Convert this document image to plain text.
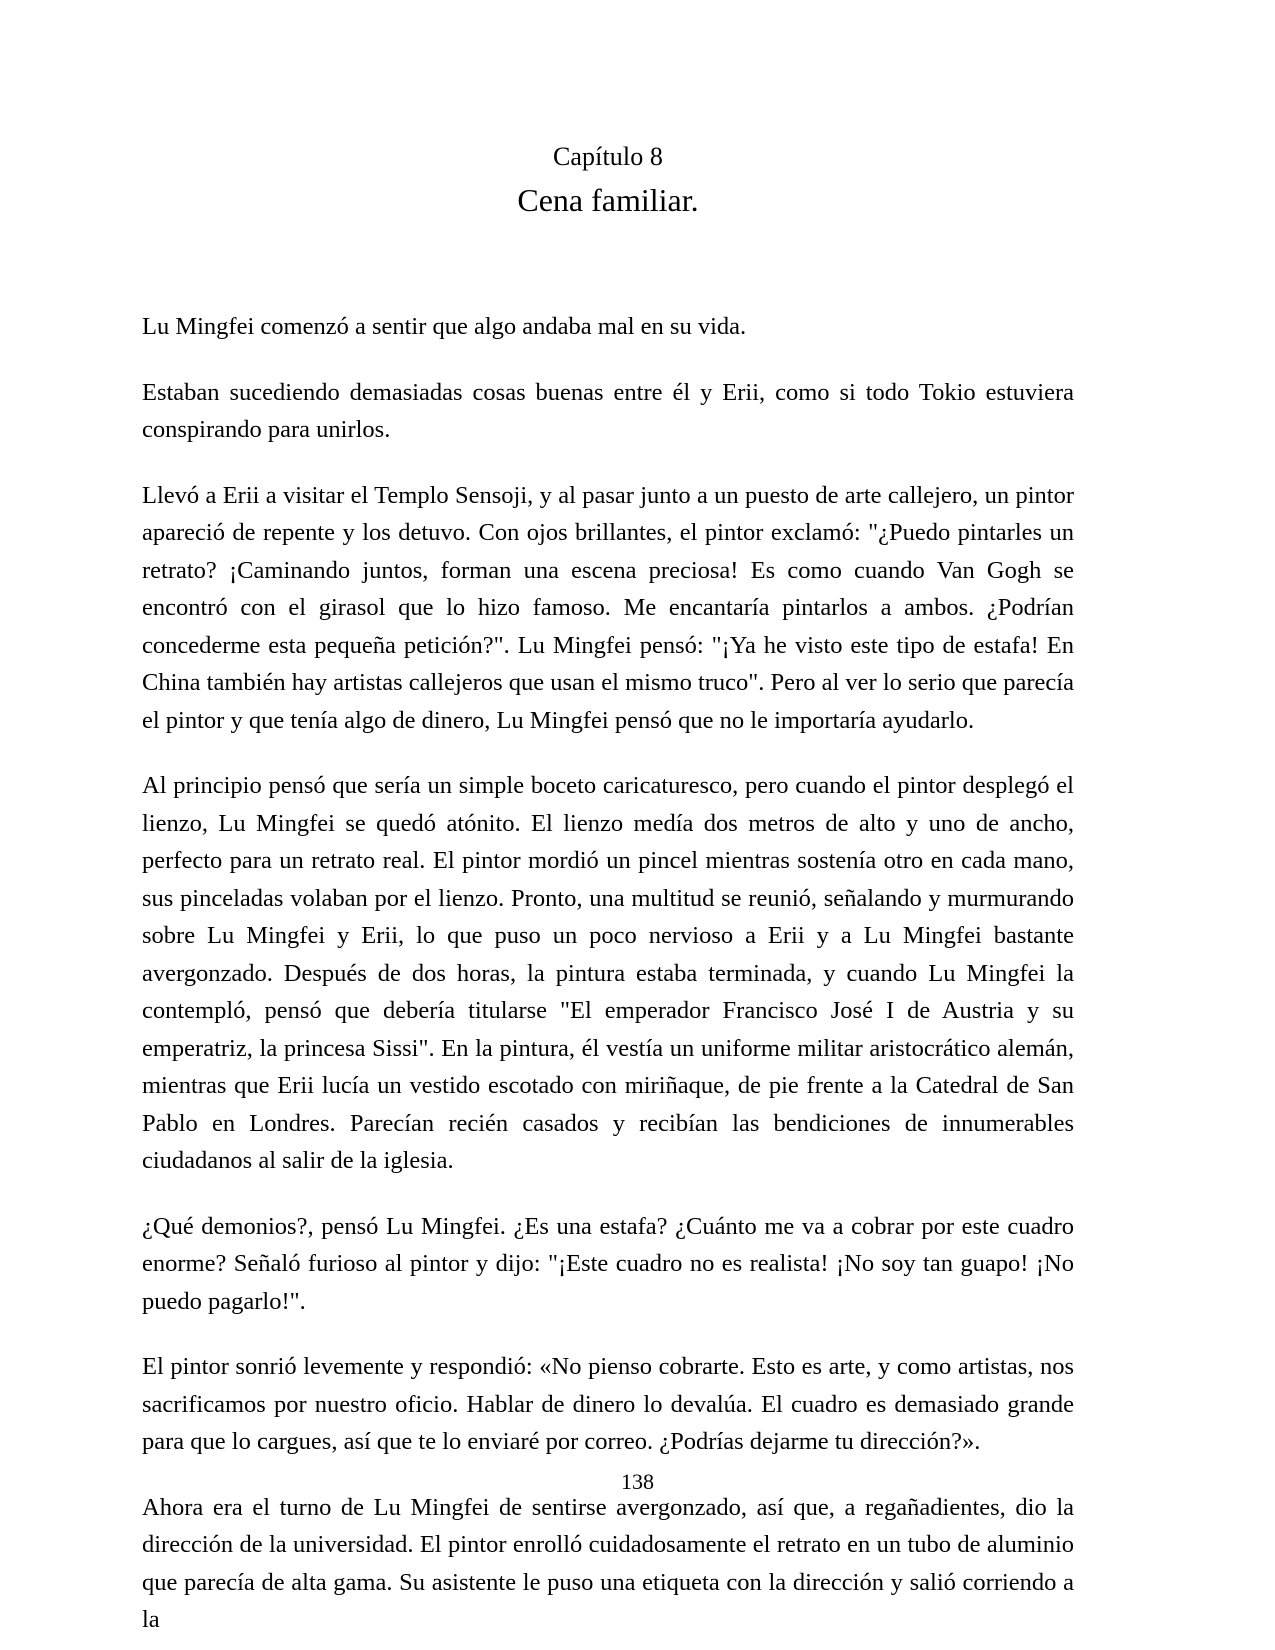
Capítulo 8
Cena familiar.

Lu Mingfei comenzó a sentir que algo andaba mal en su vida.

Estaban sucediendo demasiadas cosas buenas entre él y Erii, como si todo Tokio estuviera conspirando para unirlos.

Llevó a Erii a visitar el Templo Sensoji, y al pasar junto a un puesto de arte callejero, un pintor apareció de repente y los detuvo. Con ojos brillantes, el pintor exclamó: "¿Puedo pintarles un retrato? ¡Caminando juntos, forman una escena preciosa! Es como cuando Van Gogh se encontró con el girasol que lo hizo famoso. Me encantaría pintarlos a ambos. ¿Podrían concederme esta pequeña petición?". Lu Mingfei pensó: "¡Ya he visto este tipo de estafa! En China también hay artistas callejeros que usan el mismo truco". Pero al ver lo serio que parecía el pintor y que tenía algo de dinero, Lu Mingfei pensó que no le importaría ayudarlo.

Al principio pensó que sería un simple boceto caricaturesco, pero cuando el pintor desplegó el lienzo, Lu Mingfei se quedó atónito. El lienzo medía dos metros de alto y uno de ancho, perfecto para un retrato real. El pintor mordió un pincel mientras sostenía otro en cada mano, sus pinceladas volaban por el lienzo. Pronto, una multitud se reunió, señalando y murmurando sobre Lu Mingfei y Erii, lo que puso un poco nervioso a Erii y a Lu Mingfei bastante avergonzado. Después de dos horas, la pintura estaba terminada, y cuando Lu Mingfei la contempló, pensó que debería titularse "El emperador Francisco José I de Austria y su emperatriz, la princesa Sissi". En la pintura, él vestía un uniforme militar aristocrático alemán, mientras que Erii lucía un vestido escotado con miriñaque, de pie frente a la Catedral de San Pablo en Londres. Parecían recién casados y recibían las bendiciones de innumerables ciudadanos al salir de la iglesia.

¿Qué demonios?, pensó Lu Mingfei. ¿Es una estafa? ¿Cuánto me va a cobrar por este cuadro enorme? Señaló furioso al pintor y dijo: "¡Este cuadro no es realista! ¡No soy tan guapo! ¡No puedo pagarlo!".

El pintor sonrió levemente y respondió: «No pienso cobrarte. Esto es arte, y como artistas, nos sacrificamos por nuestro oficio. Hablar de dinero lo devalúa. El cuadro es demasiado grande para que lo cargues, así que te lo enviaré por correo. ¿Podrías dejarme tu dirección?».

Ahora era el turno de Lu Mingfei de sentirse avergonzado, así que, a regañadientes, dio la dirección de la universidad. El pintor enrolló cuidadosamente el retrato en un tubo de aluminio que parecía de alta gama. Su asistente le puso una etiqueta con la dirección y salió corriendo a la

138
